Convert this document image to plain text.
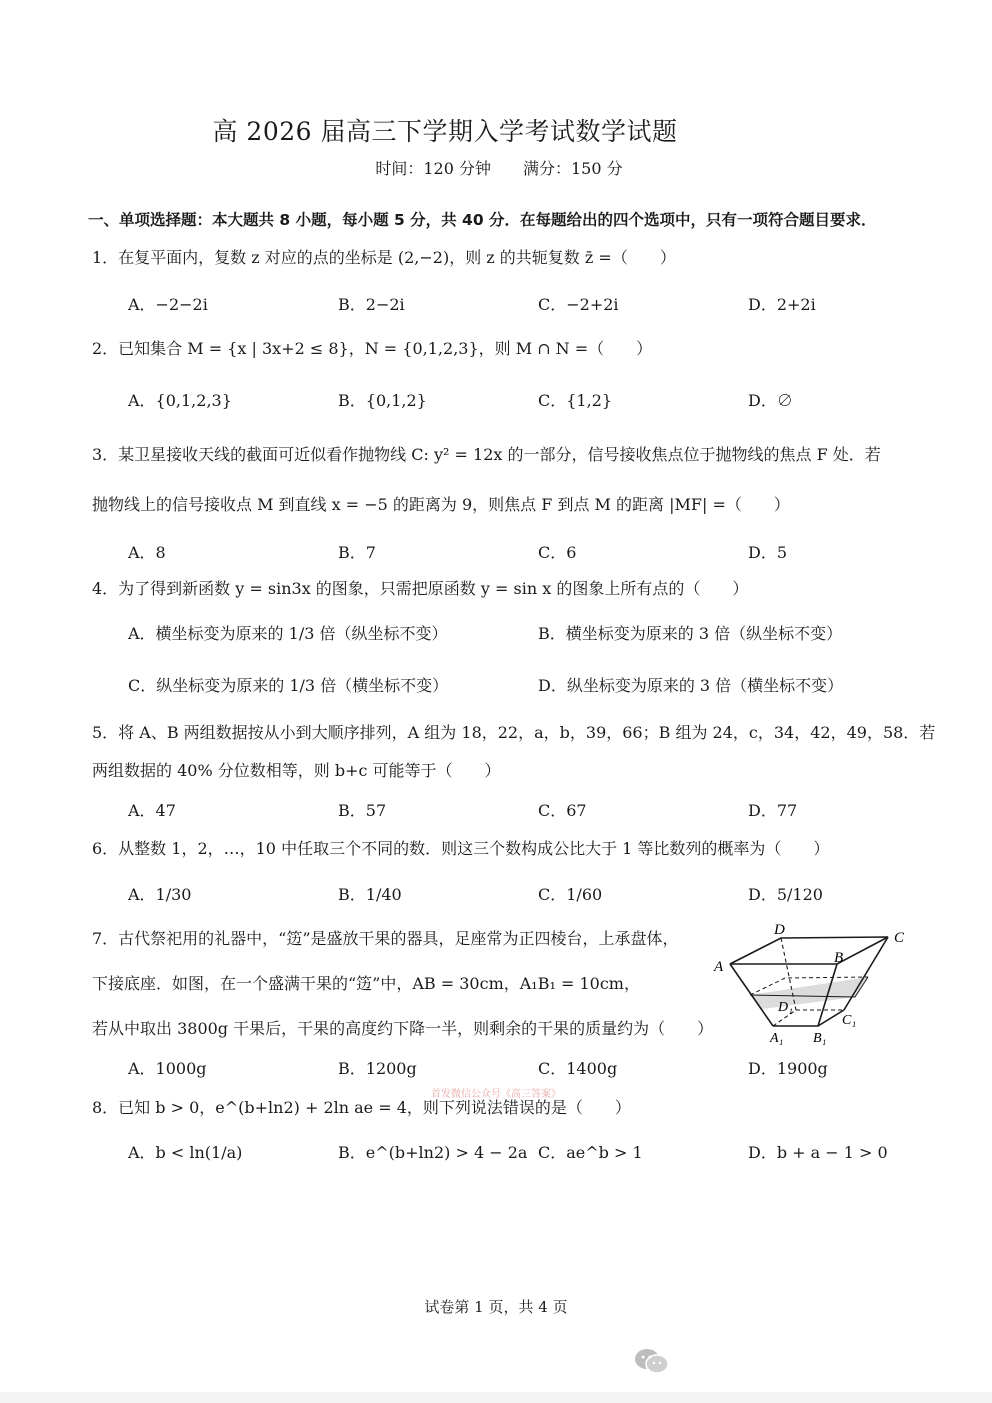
高 2026 届高三下学期入学考试数学试题
时间：120 分钟　　满分：150 分
一、单项选择题：本大题共 8 小题，每小题 5 分，共 40 分．在每题给出的四个选项中，只有一项符合题目要求．
1．在复平面内，复数 z 对应的点的坐标是 (2,−2)，则 z 的共轭复数 z̄ =（　　）
A．−2−2i	B．2−2i	C．−2+2i	D．2+2i
2．已知集合 M = {x | 3x+2 ≤ 8}，N = {0,1,2,3}，则 M ∩ N =（　　）
A．{0,1,2,3}	B．{0,1,2}	C．{1,2}	D．∅
3．某卫星接收天线的截面可近似看作抛物线 C: y² = 12x 的一部分，信号接收焦点位于抛物线的焦点 F 处．若
抛物线上的信号接收点 M 到直线 x = −5 的距离为 9，则焦点 F 到点 M 的距离 |MF| =（　　）
A．8	B．7	C．6	D．5
4．为了得到新函数 y = sin3x 的图象，只需把原函数 y = sin x 的图象上所有点的（　　）
A．横坐标变为原来的 1/3 倍（纵坐标不变）	B．横坐标变为原来的 3 倍（纵坐标不变）
C．纵坐标变为原来的 1/3 倍（横坐标不变）	D．纵坐标变为原来的 3 倍（横坐标不变）
5．将 A、B 两组数据按从小到大顺序排列，A 组为 18，22，a，b，39，66；B 组为 24，c，34，42，49，58．若
两组数据的 40% 分位数相等，则 b+c 可能等于（　　）
A．47	B．57	C．67	D．77
6．从整数 1，2，…，10 中任取三个不同的数．则这三个数构成公比大于 1 等比数列的概率为（　　）
A．1/30	B．1/40	C．1/60	D．5/120
7．古代祭祀用的礼器中，“笾”是盛放干果的器具，足座常为正四棱台，上承盘体，
下接底座．如图，在一个盛满干果的“笾”中，AB = 30cm，A₁B₁ = 10cm，
若从中取出 3800g 干果后，干果的高度约下降一半，则剩余的干果的质量约为（　　）
A．1000g	B．1200g	C．1400g	D．1900g
D	C
A
B
D₁
C₁
A₁ B₁
首发微信公众号《高三答案》
8．已知 b > 0，e^(b+ln2) + 2ln ae = 4，则下列说法错误的是（　　）
A．b < ln(1/a)	B．e^(b+ln2) > 4 − 2a C．ae^b > 1	D．b + a − 1 > 0
试卷第 1 页，共 4 页
